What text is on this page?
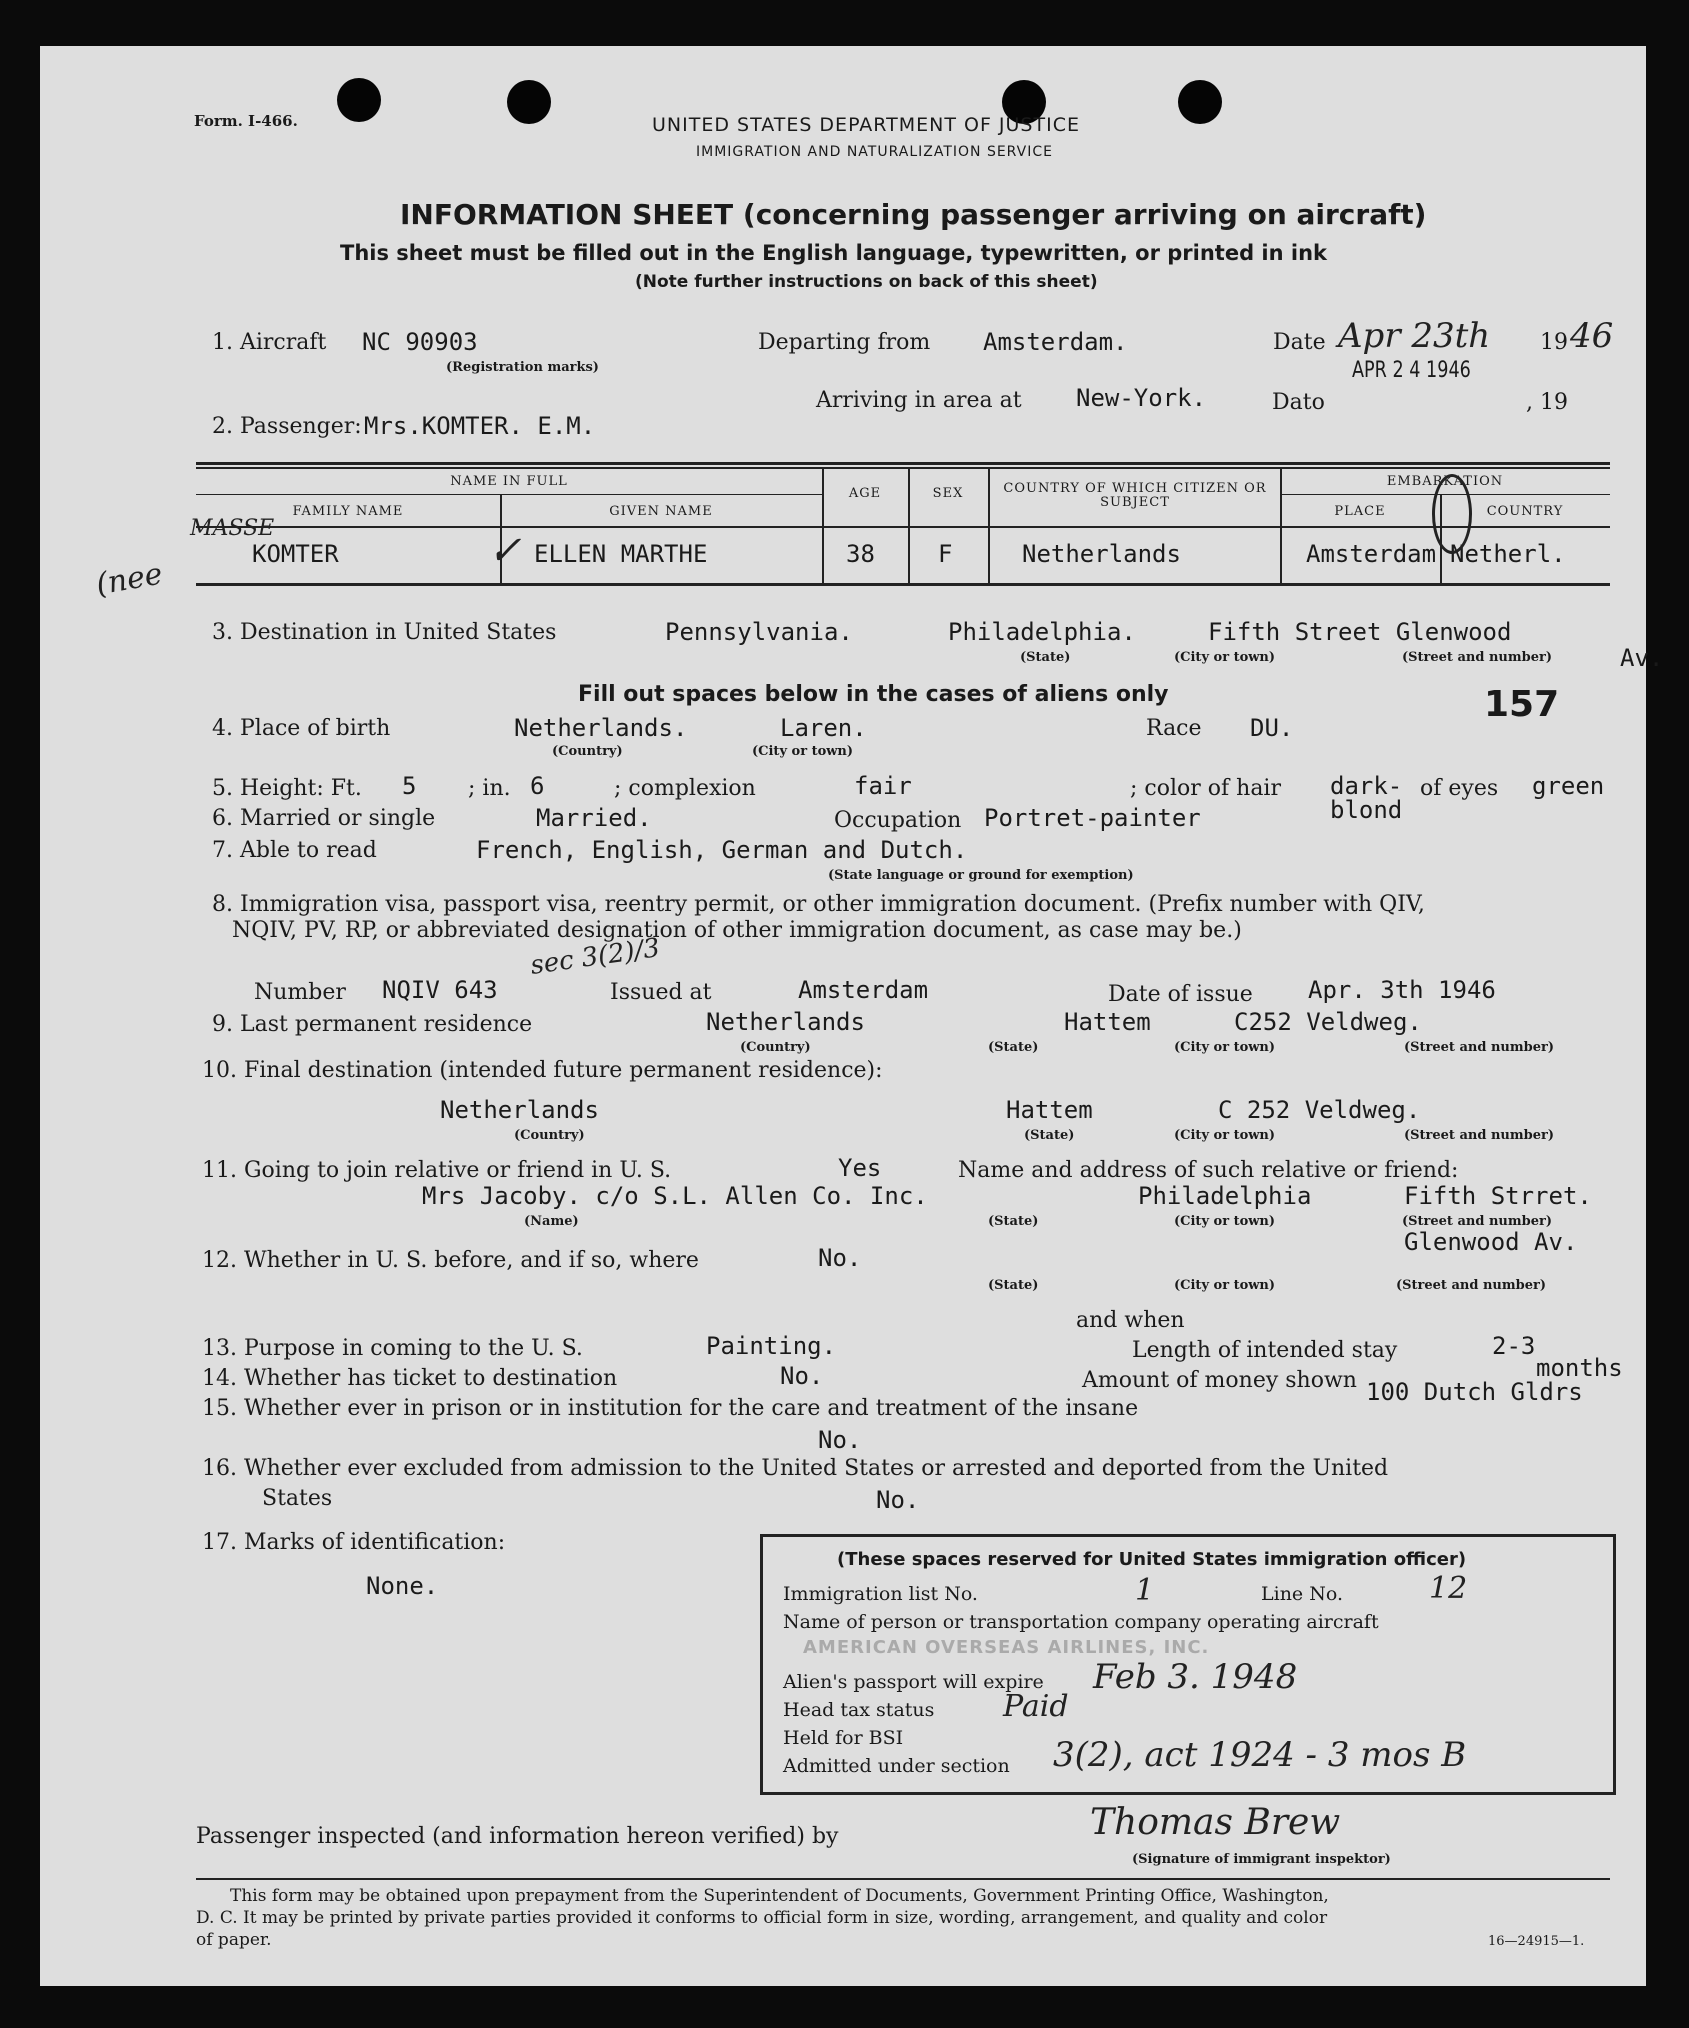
Form. I-466.	UNITED STATES DEPARTMENT OF JUSTICE
IMMIGRATION AND NATURALIZATION SERVICE
INFORMATION SHEET (concerning passenger arriving on aircraft)
This sheet must be filled out in the English language, typewritten, or printed in ink
(Note further instructions on back of this sheet)
1. Aircraft NC 90903
(Registration marks)
Departing from Amsterdam.	Date Apr 23th 19 46
Arriving in area at New-York.	Dato
APR 2 4 1946
, 19
2. Passenger: Mrs.KOMTER. E.M.
NAME IN FULL
FAMILY NAME	GIVEN NAME
AGE	SEX	COUNTRY OF WHICH CITIZEN OR SUBJECT
EMBARKATION
PLACE	COUNTRY
KOMTER	ELLEN MARTHE	38	F	Netherlands	Amsterdam Netherl.
MASSE
(nee
✓
3. Destination in United States	Pennsylvania.	Philadelphia.	Fifth Street Glenwood
Av.
(State)	(City or town)	(Street and number)
Fill out spaces below in the cases of aliens only	157
4. Place of birth	Netherlands.	Laren.
(Country)	(City or town)
Race DU.
5. Height: Ft. 5 ; in. 6	; complexion	fair	; color of hair dark-
blond
of eyes green
6. Married or single	Married.	Occupation Portret-painter
7. Able to read	French, English, German and Dutch.
(State language or ground for exemption)
8. Immigration visa, passport visa, reentry permit, or other immigration document. (Prefix number with QIV,
NQIV, PV, RP, or abbreviated designation of other immigration document, as case may be.)
sec 3(2)/3
Number NQIV 643	Issued at	Amsterdam	Date of issue Apr. 3th 1946
9. Last permanent residence	Netherlands	Hattem	C252 Veldweg.
(Country)	(State)	(City or town)	(Street and number)
10. Final destination (intended future permanent residence):
Netherlands	Hattem	C 252 Veldweg.
(Country)	(State)	(City or town)	(Street and number)
11. Going to join relative or friend in U. S.	Yes	Name and address of such relative or friend:
Mrs Jacoby. c/o S.L. Allen Co. Inc.	Philadelphia	Fifth Strret.
(Name)	(State)	(City or town)	(Street and number)
12. Whether in U. S. before, and if so, where	No.
Glenwood Av.
(State)	(City or town)	(Street and number)
and when
13. Purpose in coming to the U. S.	Painting.	Length of intended stay	2-3
months
14. Whether has ticket to destination	No.	Amount of money shown 100 Dutch Gldrs
15. Whether ever in prison or in institution for the care and treatment of the insane
No.
16. Whether ever excluded from admission to the United States or arrested and deported from the United
States	No.
17. Marks of identification:
None.
(These spaces reserved for United States immigration officer)
Immigration list No.	1	Line No.	12
Name of person or transportation company operating aircraft
AMERICAN OVERSEAS AIRLINES, INC.
Alien's passport will expire Feb 3. 1948
Head tax status Paid
Held for BSI
Admitted under section 3(2), act 1924 - 3 mos B
Passenger inspected (and information hereon verified) by	Thomas Brew
(Signature of immigrant inspektor)
This form may be obtained upon prepayment from the Superintendent of Documents, Government Printing Office, Washington,
D. C. It may be printed by private parties provided it conforms to official form in size, wording, arrangement, and quality and color
of paper.	16—24915—1.
